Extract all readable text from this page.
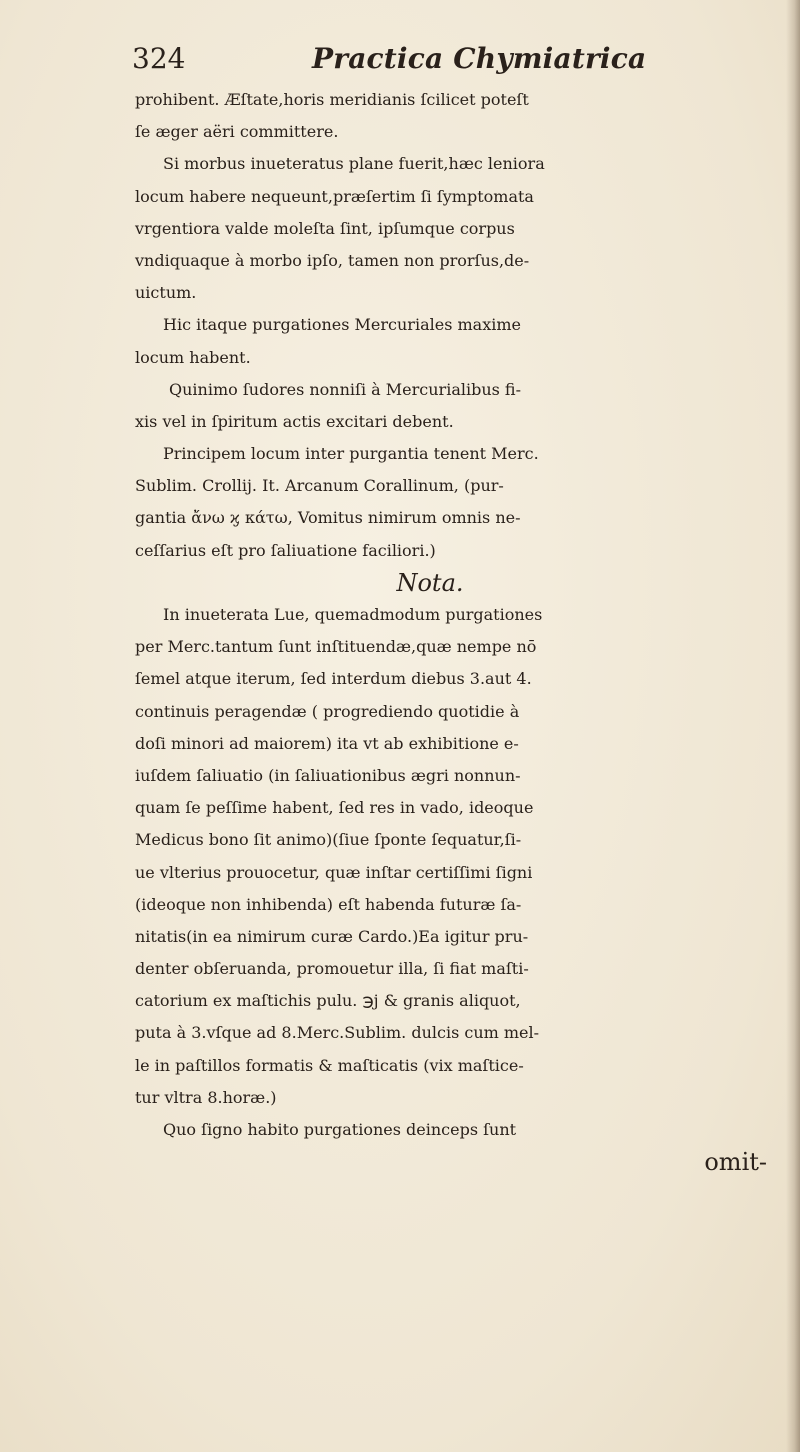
324	Practica Chymiatrica
prohibent. Æſtate,horis meridianis ſcilicet poteſt
ſe æger aëri committere.
Si morbus inueteratus plane fuerit,hæc leniora
locum habere nequeunt,præſertim ſi ſymptomata
vrgentiora valde moleſta ſint, ipſumque corpus
vndiquaque à morbo ipſo, tamen non prorſus,de-
uictum.
Hic itaque purgationes Mercuriales maxime
locum habent.
Quinimo ſudores nonniſi à Mercurialibus fi-
xis vel in ſpiritum actis excitari debent.
Principem locum inter purgantia tenent Merc.
Sublim. Crollij. It. Arcanum Corallinum, (pur-
gantia ἄνω ϗ κάτω, Vomitus nimirum omnis ne-
ceſſarius eſt pro ſaliuatione faciliori.)
Nota.
In inueterata Lue, quemadmodum purgationes
per Merc.tantum ſunt inſtituendæ,quæ nempe nō
ſemel atque iterum, ſed interdum diebus 3.aut 4.
continuis peragendæ ( progrediendo quotidie à
doſi minori ad maiorem) ita vt ab exhibitione e-
iuſdem ſaliuatio (in ſaliuationibus ægri nonnun-
quam ſe peſſime habent, ſed res in vado, ideoque
Medicus bono ſit animo)(ſiue ſponte ſequatur,ſi-
ue vlterius prouocetur, quæ inſtar certiſſimi ſigni
(ideoque non inhibenda) eſt habenda futuræ ſa-
nitatis(in ea nimirum curæ Cardo.)Ea igitur pru-
denter obſeruanda, promouetur illa, ſi fiat maſti-
catorium ex maſtichis pulu. ℈j & granis aliquot,
puta à 3.vſque ad 8.Merc.Sublim. dulcis cum mel-
le in paſtillos formatis & maſticatis (vix maſtice-
tur vltra 8.horæ.)
Quo ſigno habito purgationes deinceps ſunt
omit-
